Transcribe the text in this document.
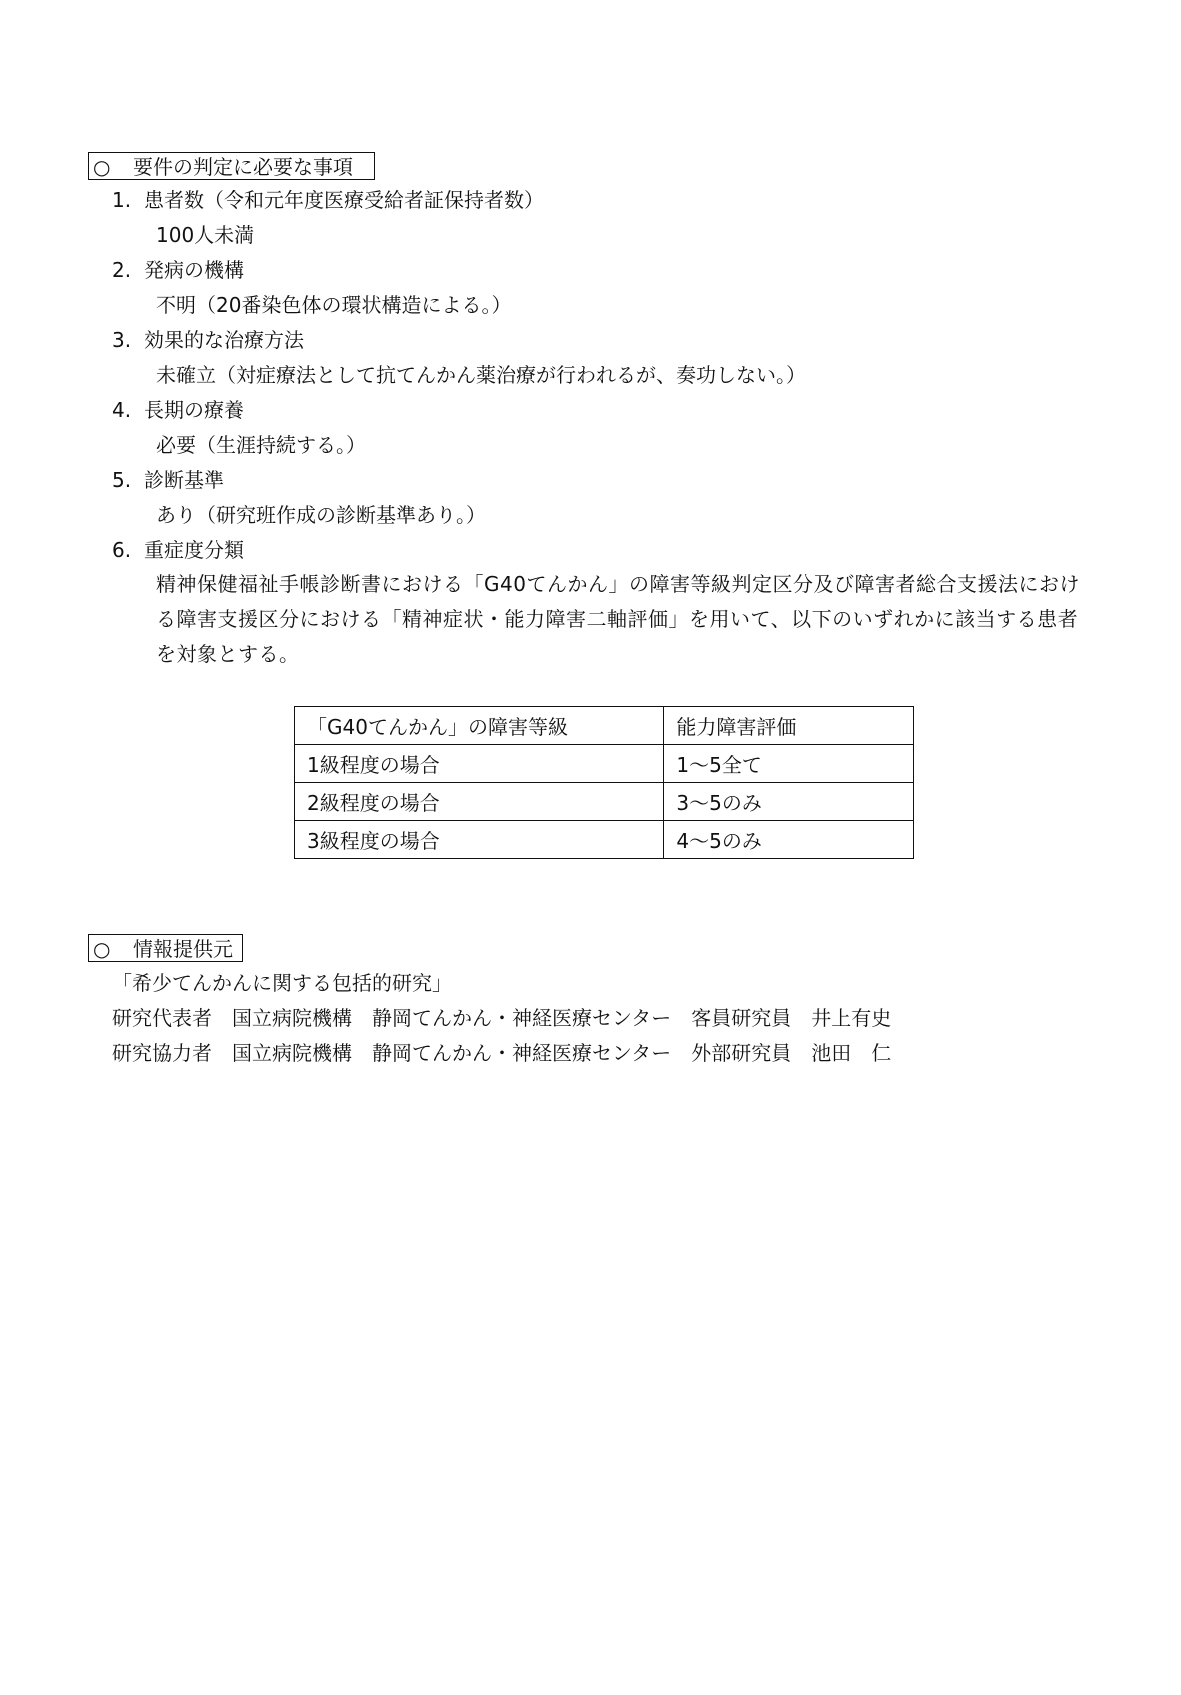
○ 要件の判定に必要な事項
1. 患者数（令和元年度医療受給者証保持者数）
100人未満
2. 発病の機構
不明（20番染色体の環状構造による。）
3. 効果的な治療方法
未確立（対症療法として抗てんかん薬治療が行われるが、奏功しない。）
4. 長期の療養
必要（生涯持続する。）
5. 診断基準
あり（研究班作成の診断基準あり。）
6. 重症度分類
精神保健福祉手帳診断書における「G40てんかん」の障害等級判定区分及び障害者総合支援法における障害支援区分における「精神症状・能力障害二軸評価」を用いて、以下のいずれかに該当する患者を対象とする。
「G40てんかん」の障害等級	能力障害評価
1級程度の場合	1～5全て
2級程度の場合	3～5のみ
3級程度の場合	4～5のみ
○ 情報提供元
「希少てんかんに関する包括的研究」
研究代表者　国立病院機構　静岡てんかん・神経医療センター　客員研究員　井上有史
研究協力者　国立病院機構　静岡てんかん・神経医療センター　外部研究員　池田　仁
